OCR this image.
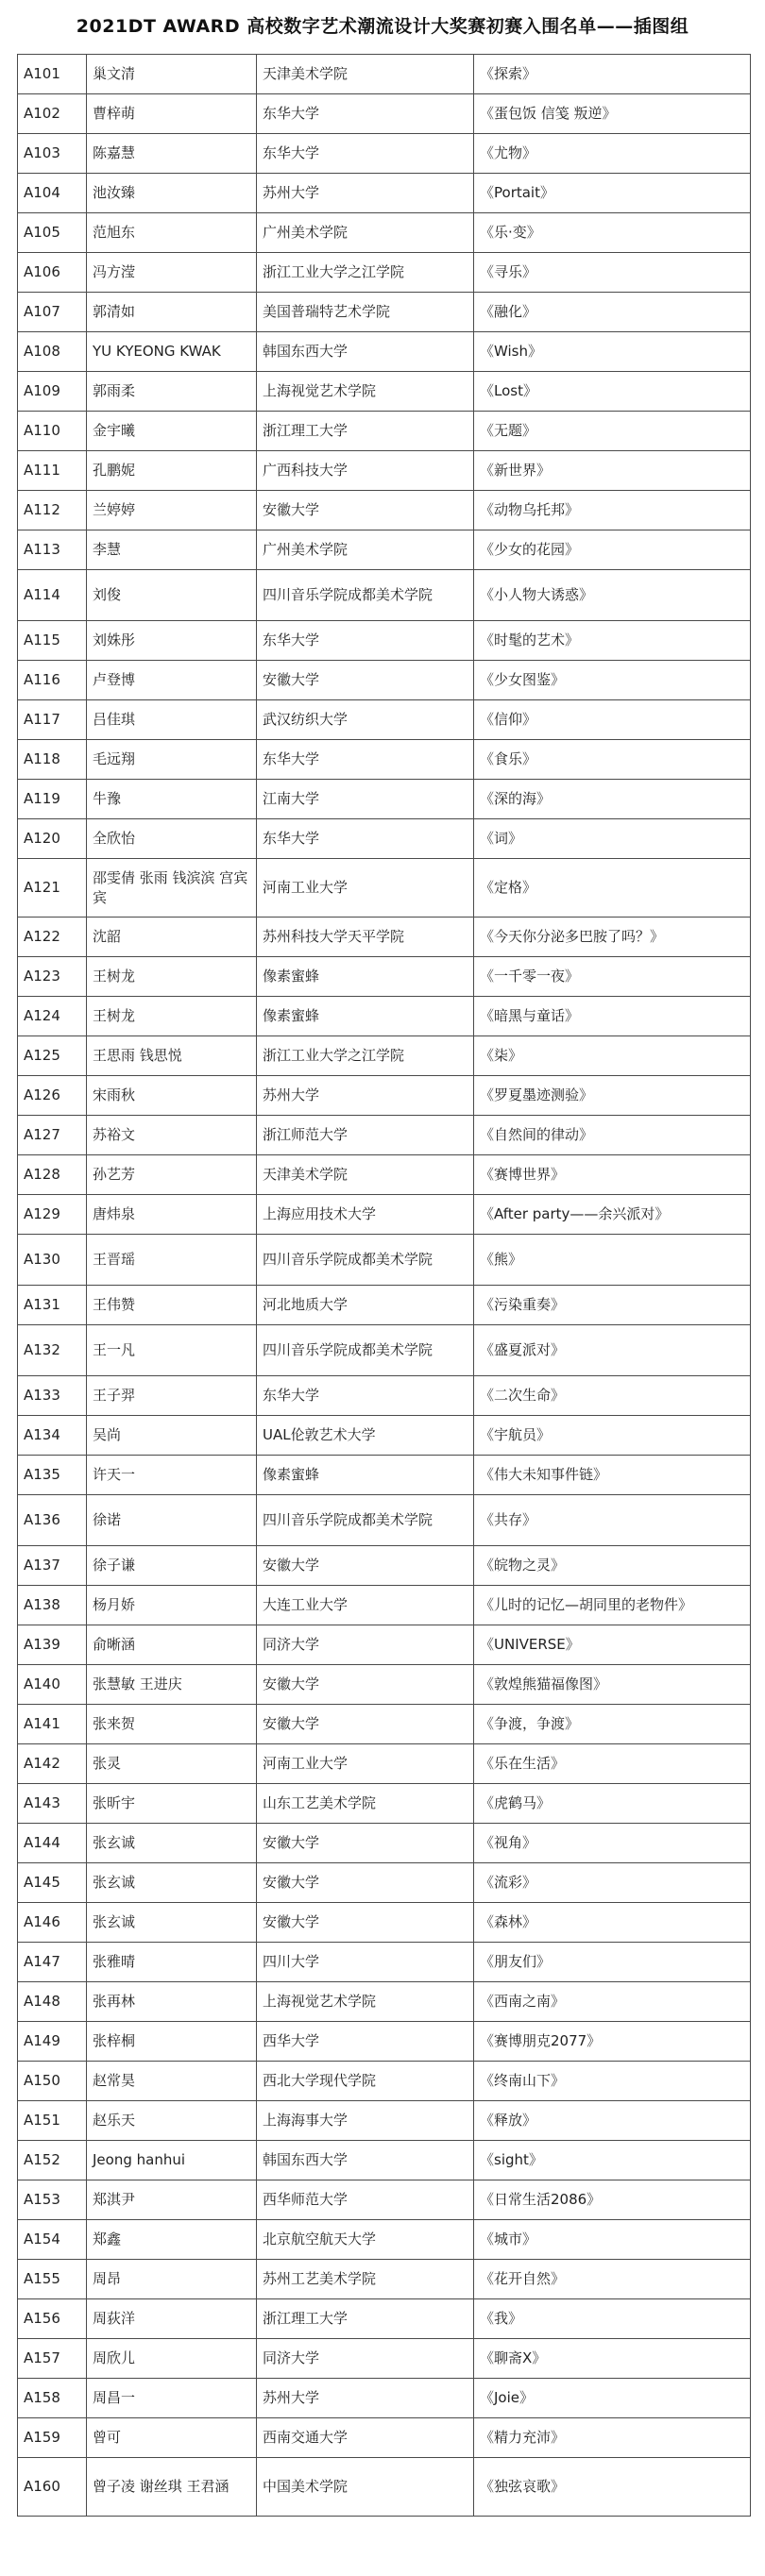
2021DT AWARD 高校数字艺术潮流设计大奖赛初赛入围名单——插图组
A101	巢文清	天津美术学院	《探索》
A102	曹梓萌	东华大学	《蛋包饭 信笺 叛逆》
A103	陈嘉慧	东华大学	《尤物》
A104	池汝臻	苏州大学	《Portait》
A105	范旭东	广州美术学院	《乐·变》
A106	冯方滢	浙江工业大学之江学院	《寻乐》
A107	郭清如	美国普瑞特艺术学院	《融化》
A108	YU KYEONG KWAK	韩国东西大学	《Wish》
A109	郭雨柔	上海视觉艺术学院	《Lost》
A110	金宇曦	浙江理工大学	《无题》
A111	孔鹏妮	广西科技大学	《新世界》
A112	兰婷婷	安徽大学	《动物乌托邦》
A113	李慧	广州美术学院	《少女的花园》
A114	刘俊	四川音乐学院成都美术学院	《小人物大诱惑》
A115	刘姝彤	东华大学	《时髦的艺术》
A116	卢登博	安徽大学	《少女图鉴》
A117	吕佳琪	武汉纺织大学	《信仰》
A118	毛远翔	东华大学	《食乐》
A119	牛豫	江南大学	《深的海》
A120	全欣怡	东华大学	《词》
A121	邵雯倩 张雨 钱滨滨 宫宾宾	河南工业大学	《定格》
A122	沈韶	苏州科技大学天平学院	《今天你分泌多巴胺了吗？》
A123	王树龙	像素蜜蜂	《一千零一夜》
A124	王树龙	像素蜜蜂	《暗黑与童话》
A125	王思雨 钱思悦	浙江工业大学之江学院	《柒》
A126	宋雨秋	苏州大学	《罗夏墨迹测验》
A127	苏裕文	浙江师范大学	《自然间的律动》
A128	孙艺芳	天津美术学院	《赛博世界》
A129	唐炜泉	上海应用技术大学	《After party——余兴派对》
A130	王晋瑶	四川音乐学院成都美术学院	《熊》
A131	王伟赞	河北地质大学	《污染重奏》
A132	王一凡	四川音乐学院成都美术学院	《盛夏派对》
A133	王子羿	东华大学	《二次生命》
A134	吴尚	UAL伦敦艺术大学	《宇航员》
A135	许天一	像素蜜蜂	《伟大未知事件链》
A136	徐诺	四川音乐学院成都美术学院	《共存》
A137	徐子谦	安徽大学	《皖物之灵》
A138	杨月娇	大连工业大学	《儿时的记忆—胡同里的老物件》
A139	俞晰涵	同济大学	《UNIVERSE》
A140	张慧敏 王进庆	安徽大学	《敦煌熊猫福像图》
A141	张来贺	安徽大学	《争渡，争渡》
A142	张灵	河南工业大学	《乐在生活》
A143	张昕宇	山东工艺美术学院	《虎鹤马》
A144	张玄诚	安徽大学	《视角》
A145	张玄诚	安徽大学	《流彩》
A146	张玄诚	安徽大学	《森林》
A147	张雅晴	四川大学	《朋友们》
A148	张再林	上海视觉艺术学院	《西南之南》
A149	张梓桐	西华大学	《赛博朋克2077》
A150	赵常昊	西北大学现代学院	《终南山下》
A151	赵乐天	上海海事大学	《释放》
A152	Jeong hanhui	韩国东西大学	《sight》
A153	郑淇尹	西华师范大学	《日常生活2086》
A154	郑鑫	北京航空航天大学	《城市》
A155	周昂	苏州工艺美术学院	《花开自然》
A156	周荻洋	浙江理工大学	《我》
A157	周欣儿	同济大学	《聊斋X》
A158	周昌一	苏州大学	《Joie》
A159	曾可	西南交通大学	《精力充沛》
A160	曾子凌 谢丝琪 王君涵	中国美术学院	《独弦哀歌》
